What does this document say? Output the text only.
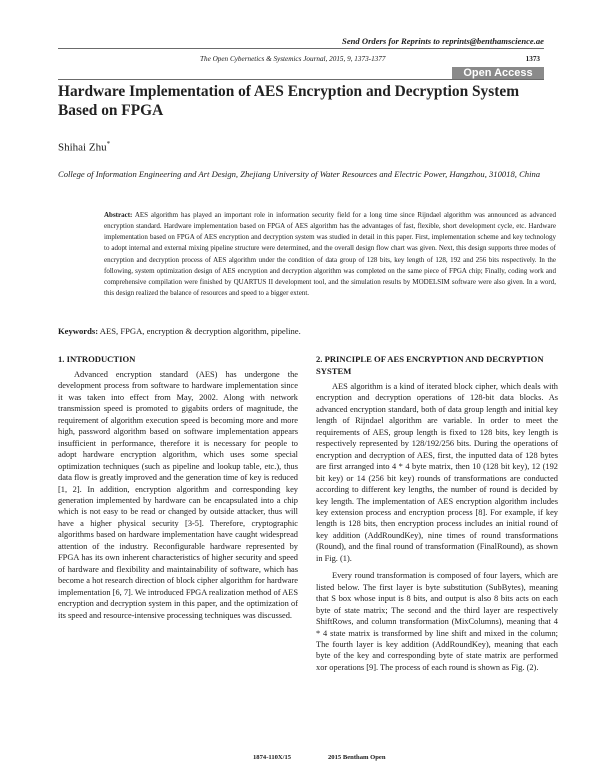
Send Orders for Reprints to reprints@benthamscience.ae
The Open Cybernetics & Systemics Journal, 2015, 9, 1373-1377	1373
Open Access
Hardware Implementation of AES Encryption and Decryption System Based on FPGA
Shihai Zhu*
College of Information Engineering and Art Design, Zhejiang University of Water Resources and Electric Power, Hangzhou, 310018, China
Abstract: AES algorithm has played an important role in information security field for a long time since Rijndael algorithm was announced as advanced encryption standard. Hardware implementation based on FPGA of AES algorithm has the advantages of fast, flexible, short development cycle, etc. Hardware implementation based on FPGA of AES encryption and decryption system was studied in detail in this paper. First, implementation scheme and key technology to adopt internal and external mixing pipeline structure were determined, and the overall design flow chart was given. Next, this design supports three modes of encryption and decryption process of AES algorithm under the condition of data group of 128 bits, key length of 128, 192 and 256 bits respectively. In the following, system optimization design of AES encryption and decryption algorithm was completed on the same piece of FPGA chip; Finally, coding work and comprehensive compilation were finished by QUARTUS II development tool, and the simulation results by MODELSIM software were also given. In a word, this design realized the balance of resources and speed to a bigger extent.
Keywords: AES, FPGA, encryption & decryption algorithm, pipeline.
1. INTRODUCTION

Advanced encryption standard (AES) has undergone the development process from software to hardware implementation since it was taken into effect from May, 2002. Along with network transmission speed is promoted to gigabits orders of magnitude, the requirement of algorithm execution speed is becoming more and more high, password algorithm based on software implementation appears insufficient in performance, therefore it is necessary for people to adopt hardware encryption algorithm, which uses some special optimization techniques (such as pipeline and lookup table, etc.), thus data flow is greatly improved and the generation time of key is reduced [1, 2]. In addition, encryption algorithm and corresponding key generation implemented by hardware can be encapsulated into a chip which is not easy to be read or changed by outside attacker, thus will have a higher physical security [3-5]. Therefore, cryptographic algorithms based on hardware implementation have caught widespread attention of the industry. Reconfigurable hardware represented by FPGA has its own inherent characteristics of higher security and speed of hardware and flexibility and maintainability of software, which has become a hot research direction of block cipher algorithm for hardware implementation [6, 7]. We introduced FPGA realization method of AES encryption and decryption system in this paper, and the optimization of its speed and resource-intensive processing techniques was discussed.

2. PRINCIPLE OF AES ENCRYPTION AND DECRYPTION SYSTEM

AES algorithm is a kind of iterated block cipher, which deals with encryption and decryption operations of 128-bit data blocks. As advanced encryption standard, both of data group length and initial key length of Rijndael algorithm are variable. In order to meet the requirements of AES, group length is fixed to 128 bits, key length is respectively represented by 128/192/256 bits. During the operations of encryption and decryption of AES, first, the inputted data of 128 bytes are first arranged into 4 * 4 byte matrix, then 10 (128 bit key), 12 (192 bit key) or 14 (256 bit key) rounds of transformations are conducted according to different key lengths, the number of round is decided by key length. The implementation of AES encryption algorithm includes key extension process and encryption process [8]. For example, if key length is 128 bits, then encryption process includes an initial round of key addition (AddRoundKey), nine times of round transformations (Round), and the final round of transformation (FinalRound), as shown in Fig. (1).

Every round transformation is composed of four layers, which are listed below. The first layer is byte substitution (SubBytes), meaning that S box whose input is 8 bits, and output is also 8 bits acts on each byte of state matrix; The second and the third layer are respectively ShiftRows, and column transformation (MixColumns), meaning that 4 * 4 state matrix is transformed by line shift and mixed in the column; The fourth layer is key addition (AddRoundKey), meaning that each byte of the key and corresponding byte of state matrix are performed xor operations [9]. The process of each round is shown as Fig. (2).

1874-110X/15	2015 Bentham Open
